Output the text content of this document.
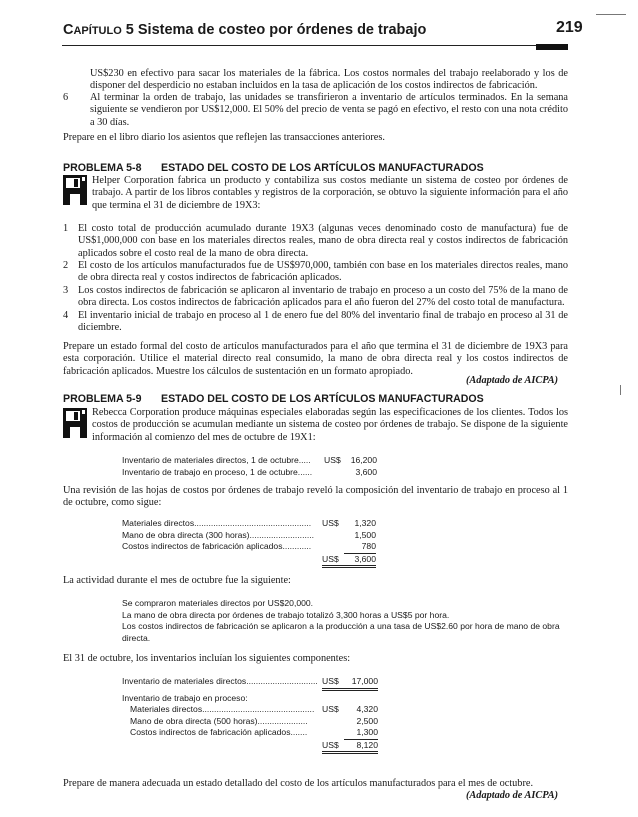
CAPÍTULO 5 Sistema de costeo por órdenes de trabajo	219
US$230 en efectivo para sacar los materiales de la fábrica. Los costos normales del trabajo reelaborado y los de disponer del desperdicio no estaban incluidos en la tasa de aplicación de los costos indirectos de fabricación.
6	Al terminar la orden de trabajo, las unidades se transfirieron a inventario de artículos terminados. En la semana siguiente se vendieron por US$12,000. El 50% del precio de venta se pagó en efectivo, el resto con una nota crédito a 30 días.
Prepare en el libro diario los asientos que reflejen las transacciones anteriores.
PROBLEMA 5-8 ESTADO DEL COSTO DE LOS ARTÍCULOS MANUFACTURADOS
Helper Corporation fabrica un producto y contabiliza sus costos mediante un sistema de costeo por órdenes de trabajo. A partir de los libros contables y registros de la corporación, se obtuvo la siguiente información para el año que termina el 31 de diciembre de 19X3:
1 El costo total de producción acumulado durante 19X3 (algunas veces denominado costo de manufactura) fue de US$1,000,000 con base en los materiales directos reales, mano de obra directa real y costos indirectos de fabricación aplicados sobre el costo real de la mano de obra directa.
2 El costo de los artículos manufacturados fue de US$970,000, también con base en los materiales directos reales, mano de obra directa real y costos indirectos de fabricación aplicados.
3 Los costos indirectos de fabricación se aplicaron al inventario de trabajo en proceso a un costo del 75% de la mano de obra directa. Los costos indirectos de fabricación aplicados para el año fueron del 27% del costo total de manufactura.
4 El inventario inicial de trabajo en proceso al 1 de enero fue del 80% del inventario final de trabajo en proceso al 31 de diciembre.
Prepare un estado formal del costo de artículos manufacturados para el año que termina el 31 de diciembre de 19X3 para esta corporación. Utilice el material directo real consumido, la mano de obra directa real y los costos indirectos de fabricación aplicados. Muestre los cálculos de sustentación en un formato apropiado.
(Adaptado de AICPA)
PROBLEMA 5-9 ESTADO DEL COSTO DE LOS ARTÍCULOS MANUFACTURADOS
Rebecca Corporation produce máquinas especiales elaboradas según las especificaciones de los clientes. Todos los costos de producción se acumulan mediante un sistema de costeo por órdenes de trabajo. Se dispone de la siguiente información al comienzo del mes de octubre de 19X1:
Inventario de materiales directos, 1 de octubre..... US$	16,200
Inventario de trabajo en proceso, 1 de octubre......	3,600
Una revisión de las hojas de costos por órdenes de trabajo reveló la composición del inventario de trabajo en proceso al 1 de octubre, como sigue:
Materiales directos................................................. US$	1,320
Mano de obra directa (300 horas)...........................	1,500
Costos indirectos de fabricación aplicados............	780
US$	3,600
La actividad durante el mes de octubre fue la siguiente:
Se compraron materiales directos por US$20,000.
La mano de obra directa por órdenes de trabajo totalizó 3,300 horas a US$5 por hora.
Los costos indirectos de fabricación se aplicaron a la producción a una tasa de US$2.60 por hora de mano de obra directa.
El 31 de octubre, los inventarios incluían los siguientes componentes:
Inventario de materiales directos.............................. US$	17,000
Inventario de trabajo en proceso:
Materiales directos............................................... US$	4,320
Mano de obra directa (500 horas).....................	2,500
Costos indirectos de fabricación aplicados.......	1,300
US$	8,120
Prepare de manera adecuada un estado detallado del costo de los artículos manufacturados para el mes de octubre.
(Adaptado de AICPA)
